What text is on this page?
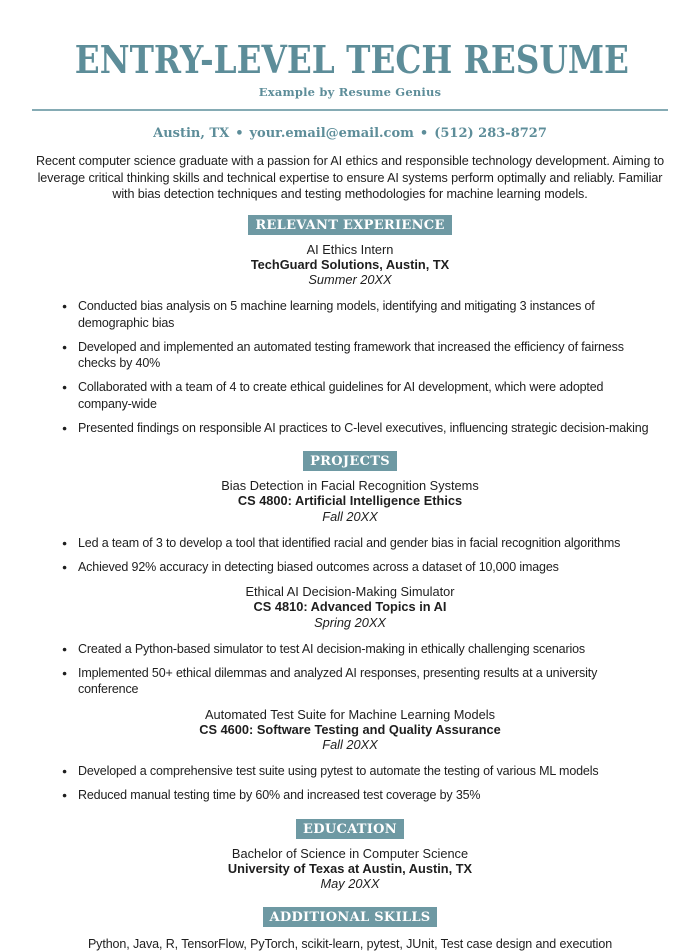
ENTRY-LEVEL TECH RESUME
Example by Resume Genius
Austin, TX • your.email@email.com • (512) 283-8727

Recent computer science graduate with a passion for AI ethics and responsible technology development. Aiming to leverage critical thinking skills and technical expertise to ensure AI systems perform optimally and reliably. Familiar with bias detection techniques and testing methodologies for machine learning models.

RELEVANT EXPERIENCE
AI Ethics Intern
TechGuard Solutions, Austin, TX
Summer 20XX
● Conducted bias analysis on 5 machine learning models, identifying and mitigating 3 instances of demographic bias
● Developed and implemented an automated testing framework that increased the efficiency of fairness checks by 40%
● Collaborated with a team of 4 to create ethical guidelines for AI development, which were adopted company-wide
● Presented findings on responsible AI practices to C-level executives, influencing strategic decision-making
PROJECTS
Bias Detection in Facial Recognition Systems
CS 4800: Artificial Intelligence Ethics
Fall 20XX
● Led a team of 3 to develop a tool that identified racial and gender bias in facial recognition algorithms
● Achieved 92% accuracy in detecting biased outcomes across a dataset of 10,000 images
Ethical AI Decision-Making Simulator
CS 4810: Advanced Topics in AI
Spring 20XX
● Created a Python-based simulator to test AI decision-making in ethically challenging scenarios
● Implemented 50+ ethical dilemmas and analyzed AI responses, presenting results at a university conference
Automated Test Suite for Machine Learning Models
CS 4600: Software Testing and Quality Assurance
Fall 20XX
● Developed a comprehensive test suite using pytest to automate the testing of various ML models
● Reduced manual testing time by 60% and increased test coverage by 35%
EDUCATION
Bachelor of Science in Computer Science
University of Texas at Austin, Austin, TX
May 20XX
ADDITIONAL SKILLS

Python, Java, R, TensorFlow, PyTorch, scikit-learn, pytest, JUnit, Test case design and execution
